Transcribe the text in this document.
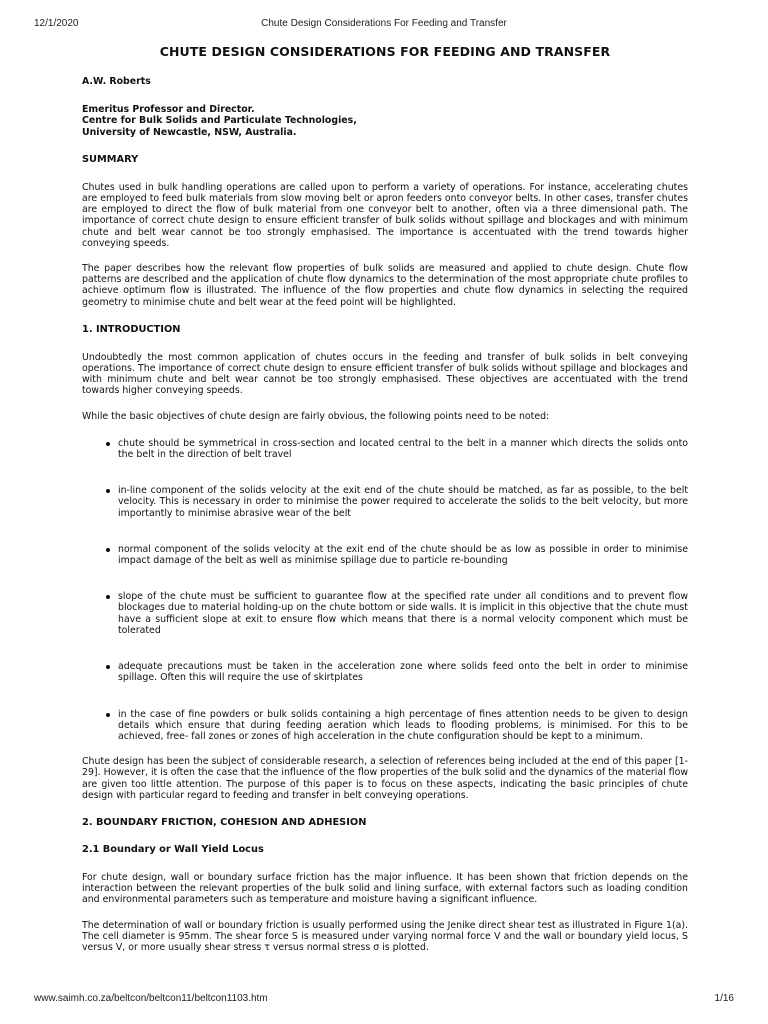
12/1/2020	Chute Design Considerations For Feeding and Transfer
CHUTE DESIGN CONSIDERATIONS FOR FEEDING AND TRANSFER

A.W. Roberts

Emeritus Professor and Director.

Centre for Bulk Solids and Particulate Technologies,

University of Newcastle, NSW, Australia.

SUMMARY

Chutes used in bulk handling operations are called upon to perform a variety of operations. For instance, accelerating chutes are employed to feed bulk materials from slow moving belt or apron feeders onto conveyor belts. In other cases, transfer chutes are employed to direct the flow of bulk material from one conveyor belt to another, often via a three dimensional path. The importance of correct chute design to ensure efficient transfer of bulk solids without spillage and blockages and with minimum chute and belt wear cannot be too strongly emphasised. The importance is accentuated with the trend towards higher conveying speeds.

The paper describes how the relevant flow properties of bulk solids are measured and applied to chute design. Chute flow patterns are described and the application of chute flow dynamics to the determination of the most appropriate chute profiles to achieve optimum flow is illustrated. The influence of the flow properties and chute flow dynamics in selecting the required geometry to minimise chute and belt wear at the feed point will be highlighted.

1. INTRODUCTION

Undoubtedly the most common application of chutes occurs in the feeding and transfer of bulk solids in belt conveying operations. The importance of correct chute design to ensure efficient transfer of bulk solids without spillage and blockages and with minimum chute and belt wear cannot be too strongly emphasised. These objectives are accentuated with the trend towards higher conveying speeds.

While the basic objectives of chute design are fairly obvious, the following points need to be noted:

chute should be symmetrical in cross-section and located central to the belt in a manner which directs the solids onto the belt in the direction of belt travel
in-line component of the solids velocity at the exit end of the chute should be matched, as far as possible, to the belt velocity. This is necessary in order to minimise the power required to accelerate the solids to the belt velocity, but more importantly to minimise abrasive wear of the belt
normal component of the solids velocity at the exit end of the chute should be as low as possible in order to minimise impact damage of the belt as well as minimise spillage due to particle re-bounding
slope of the chute must be sufficient to guarantee flow at the specified rate under all conditions and to prevent flow blockages due to material holding-up on the chute bottom or side walls. It is implicit in this objective that the chute must have a sufficient slope at exit to ensure flow which means that there is a normal velocity component which must be tolerated
adequate precautions must be taken in the acceleration zone where solids feed onto the belt in order to minimise spillage. Often this will require the use of skirtplates
in the case of fine powders or bulk solids containing a high percentage of fines attention needs to be given to design details which ensure that during feeding aeration which leads to flooding problems, is minimised. For this to be achieved, free- fall zones or zones of high acceleration in the chute configuration should be kept to a minimum.

Chute design has been the subject of considerable research, a selection of references being included at the end of this paper [1-29]. However, it is often the case that the influence of the flow properties of the bulk solid and the dynamics of the material flow are given too little attention. The purpose of this paper is to focus on these aspects, indicating the basic principles of chute design with particular regard to feeding and transfer in belt conveying operations.

2. BOUNDARY FRICTION, COHESION AND ADHESION
2.1 Boundary or Wall Yield Locus

For chute design, wall or boundary surface friction has the major influence. It has been shown that friction depends on the interaction between the relevant properties of the bulk solid and lining surface, with external factors such as loading condition and environmental parameters such as temperature and moisture having a significant influence.

The determination of wall or boundary friction is usually performed using the Jenike direct shear test as illustrated in Figure 1(a). The cell diameter is 95mm. The shear force S is measured under varying normal force V and the wall or boundary yield locus, S versus V, or more usually shear stress τ versus normal stress σ is plotted.

www.saimh.co.za/beltcon/beltcon11/beltcon1103.htm	1/16
